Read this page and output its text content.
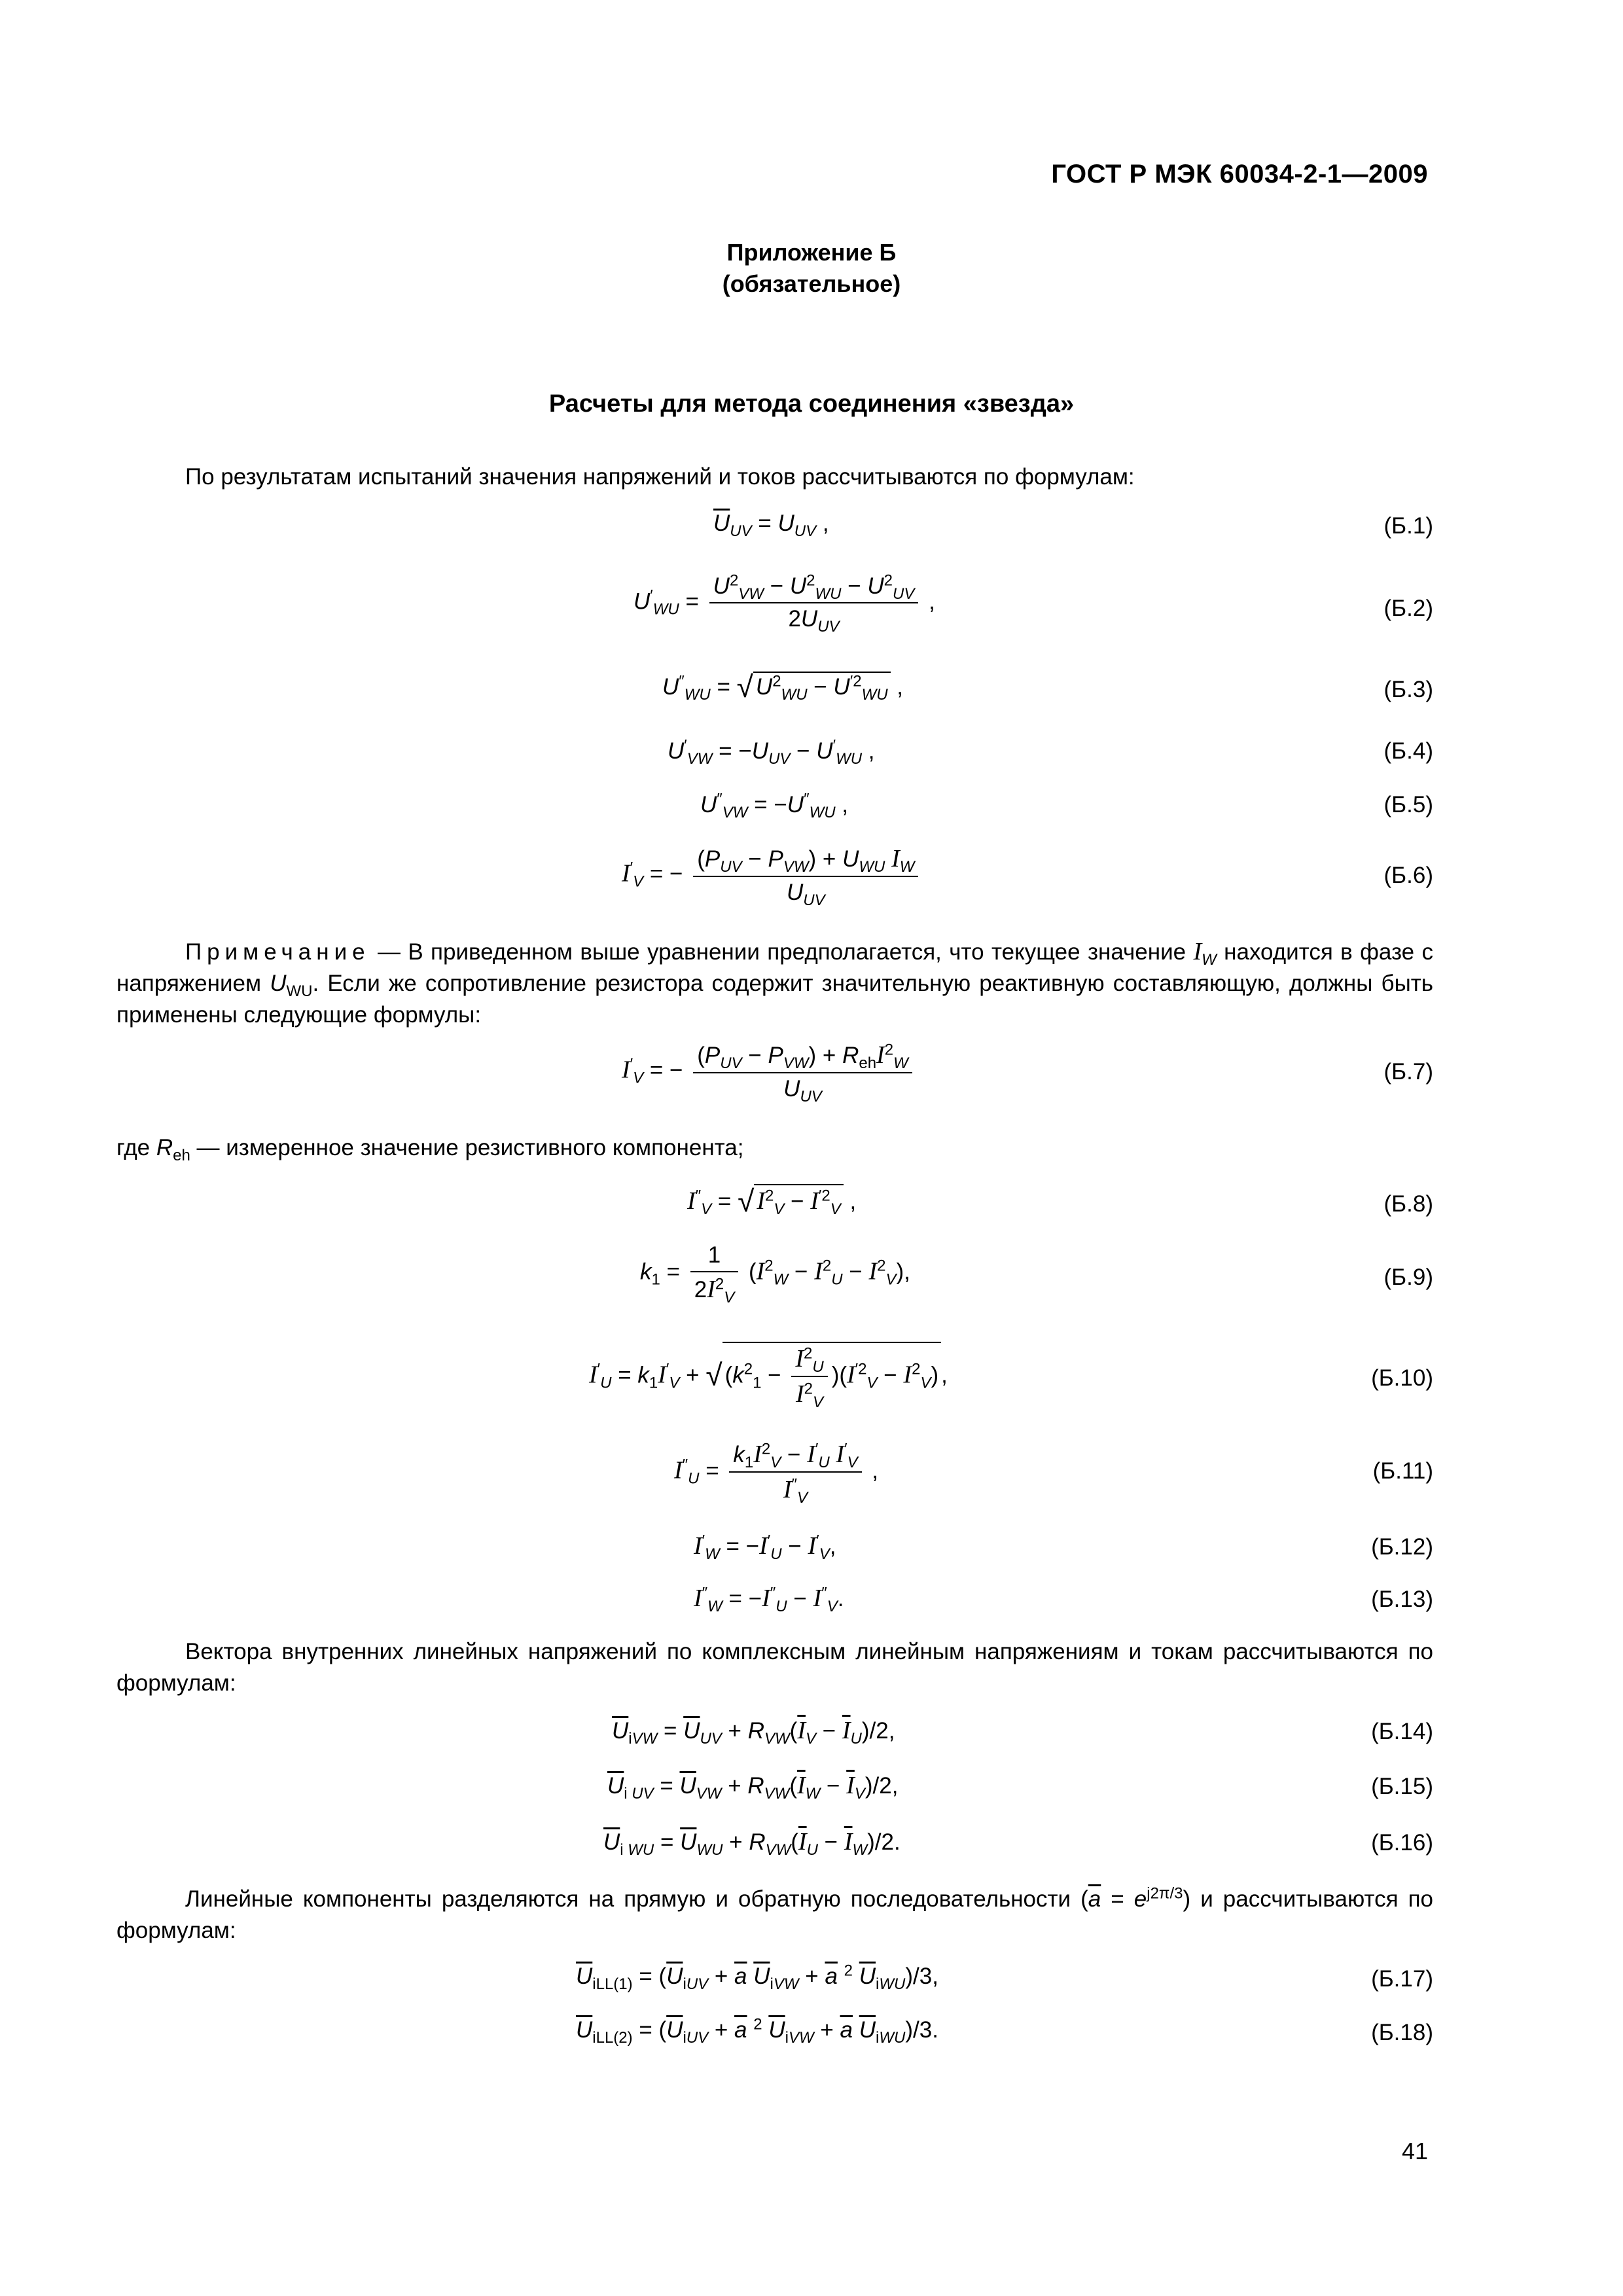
ГОСТ Р МЭК 60034-2-1—2009
Приложение Б
(обязательное)
Расчеты для метода соединения «звезда»
По результатам испытаний значения напряжений и токов рассчитываются по формулам:
$\overline{U}_{UV} = U_{UV}$ ,	(Б.1)
$U'_{WU} = \frac{U^2_{VW} - U^2_{WU} - U^2_{UV}}{2U_{UV}}$ ,	(Б.2)
$U''_{WU}$ = √ $U^2_{WU} - U^{'2}_{WU}$ ,	(Б.3)
$U'_{VW} = -U_{UV} - U'_{WU}$ ,	(Б.4)
$U''_{VW} = -U''_{WU}$ ,	(Б.5)
$I'_V$ = − $\frac{(P_{UV} - P_{VW}) + U_{WU} I_W}{U_{UV}}$	(Б.6)
Примечание — В приведенном выше уравнении предполагается, что текущее значение $I_W$ находится в фазе с напряжением $U_{WU}$. Если же сопротивление резистора содержит значительную реактивную составляющую, должны быть применены следующие формулы:
$I'_V$ = − $\frac{(P_{UV} - P_{VW}) + R_{eh}I^2_W}{U_{UV}}$	(Б.7)
где $R_{eh}$ — измеренное значение резистивного компонента;
$I''_V$ = √ $I^2_V - I^{'2}_V$ ,	(Б.8)
$k_1 = \frac{1}{2I^2_V} (I^2_W - I^2_U - I^2_V)$,	(Б.9)
$I'_U = k_1I'_V$ + √ $(k^2_1 - \frac{I^2_U}{I^2_V} )(I^{'2}_V - I^2_V)$ ,	(Б.10)
$I''_U = \frac{k_1I^2_V - I'_U I'_V}{I''_V}$ ,	(Б.11)
$I'_W = -I'_U - I'_V$,	(Б.12)
$I''_W = -I''_U - I''_V$.	(Б.13)
Вектора внутренних линейных напряжений по комплексным линейным напряжениям и токам рассчитываются по формулам:
$\overline{U}_{iVW} = \overline{U}_{UV} + R_{VW}(\overline{I}_V - \overline{I}_U)/2$,	(Б.14)
$\overline{U}_{i UV} = \overline{U}_{VW} + R_{VW}(\overline{I}_W - \overline{I}_V)/2$,	(Б.15)
$\overline{U}_{i WU} = \overline{U}_{WU} + R_{VW}(\overline{I}_U - \overline{I}_W)/2$.	(Б.16)
Линейные компоненты разделяются на прямую и обратную последовательности $(\overline{a} = e^{j2\pi/3})$ и рассчитываются по формулам:
$\overline{U}_{iLL(1)} = (\overline{U}_{iUV} + \overline{a}$ $\overline{U}_{iVW} + \overline{a}$ $^2$ $\overline{U}_{iWU})/3$,	(Б.17)
$\overline{U}_{iLL(2)} = (\overline{U}_{iUV} + \overline{a}$ $^2$ $\overline{U}_{iVW} + \overline{a}$ $\overline{U}_{iWU})/3$.	(Б.18)
41
